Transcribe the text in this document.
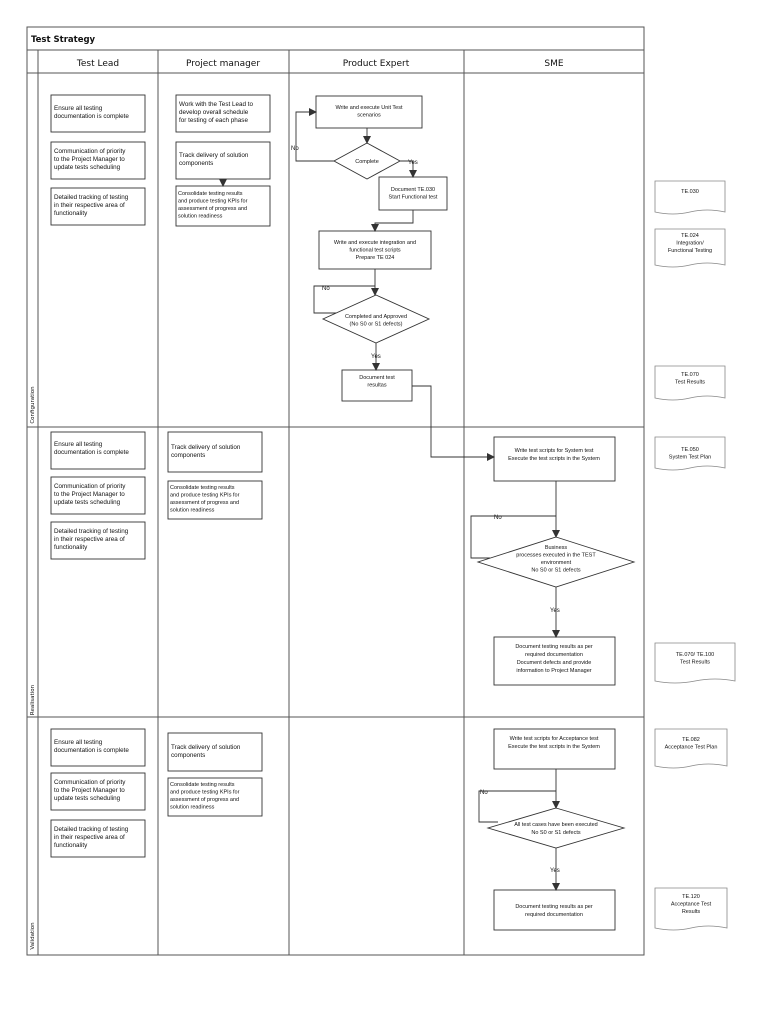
Test Strategy
Test Lead	Project manager	Product Expert	SME
Configuration
Realisation
Validation
No
Yes
No
Yes
No
Yes
No
Yes
Ensure all testing documentation is complete
Communication of priority to the Project Manager to update tests scheduling
Detailed tracking of testing in their respective area of functionality
Ensure all testing documentation is complete
Communication of priority to the Project Manager to update tests scheduling
Detailed tracking of testing in their respective area of functionality
Ensure all testing documentation is complete
Communication of priority to the Project Manager to update tests scheduling
Detailed tracking of testing in their respective area of functionality
Work with the Test Lead to develop overall schedule for testing of each phase
Track delivery of solution components
Track delivery of solution components
Track delivery of solution components
Consolidate testing results and produce testing KPIs for assessment of progress and solution readiness
Consolidate testing results and produce testing KPIs for assessment of progress and solution readiness
Consolidate testing results and produce testing KPIs for assessment of progress and solution readiness
Write and execute Unit Test scenarios
Complete
Document TE.030 Start Functional test
Write and execute integration and functional test scripts Prepare TE 024
Completed and Approved (No S0 or S1 defects)
Document test resultas
Write test scripts for System test Execute the test scripts in the System
Business processes executed in the TEST environment No S0 or S1 defects
Document testing results as per required documentation Document defects and provide information to Project Manager
Write test scripts for Acceptance test Execute the test scripts in the System
All test cases have been executed No S0 or S1 defects
Document testing results as per required documentation
TE.030
TE.024 Integration/ Functional Testing
TE.070 Test Results
TE.050 System Test Plan
TE.070/ TE.100 Test Results
TE.082 Acceptance Test Plan
TE.120 Acceptance Test Results
